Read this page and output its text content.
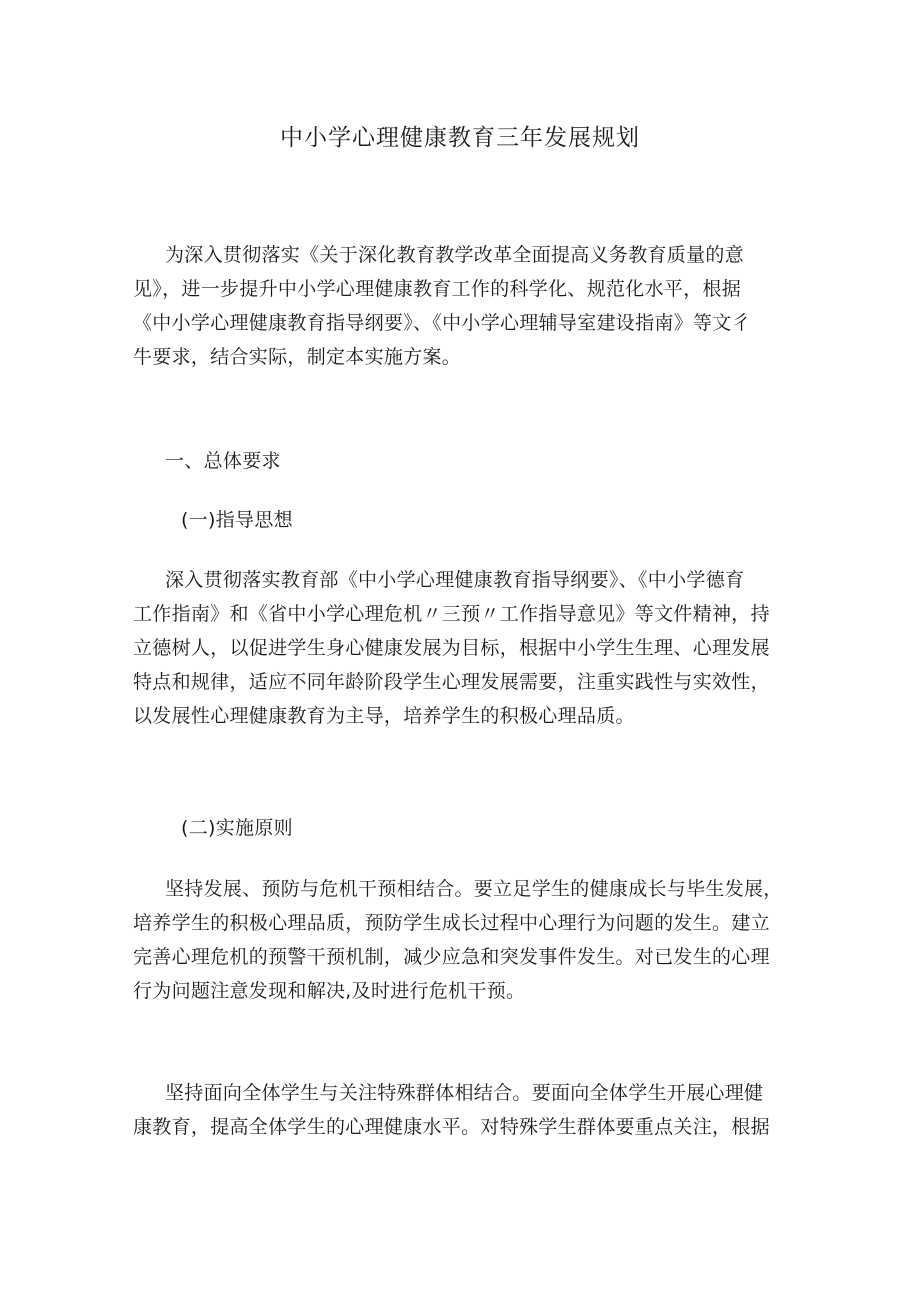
中小学心理健康教育三年发展规划
为深入贯彻落实《关于深化教育教学改革全面提高义务教育质量的意
见》，进一步提升中小学心理健康教育工作的科学化、规范化水平，根据
《中小学心理健康教育指导纲要》、《中小学心理辅导室建设指南》等文彳
牛要求，结合实际，制定本实施方案。
一、总体要求
(一)指导思想
深入贯彻落实教育部《中小学心理健康教育指导纲要》、《中小学德育
工作指南》和《省中小学心理危机〃三预〃工作指导意见》等文件精神，持
立德树人，以促进学生身心健康发展为目标，根据中小学生生理、心理发展
特点和规律，适应不同年龄阶段学生心理发展需要，注重实践性与实效性，
以发展性心理健康教育为主导，培养学生的积极心理品质。
(二)实施原则
坚持发展、预防与危机干预相结合。要立足学生的健康成长与毕生发展，
培养学生的积极心理品质，预防学生成长过程中心理行为问题的发生。建立
完善心理危机的预警干预机制，减少应急和突发事件发生。对已发生的心理
行为问题注意发现和解决,及时进行危机干预。
坚持面向全体学生与关注特殊群体相结合。要面向全体学生开展心理健
康教育，提高全体学生的心理健康水平。对特殊学生群体要重点关注，根据
